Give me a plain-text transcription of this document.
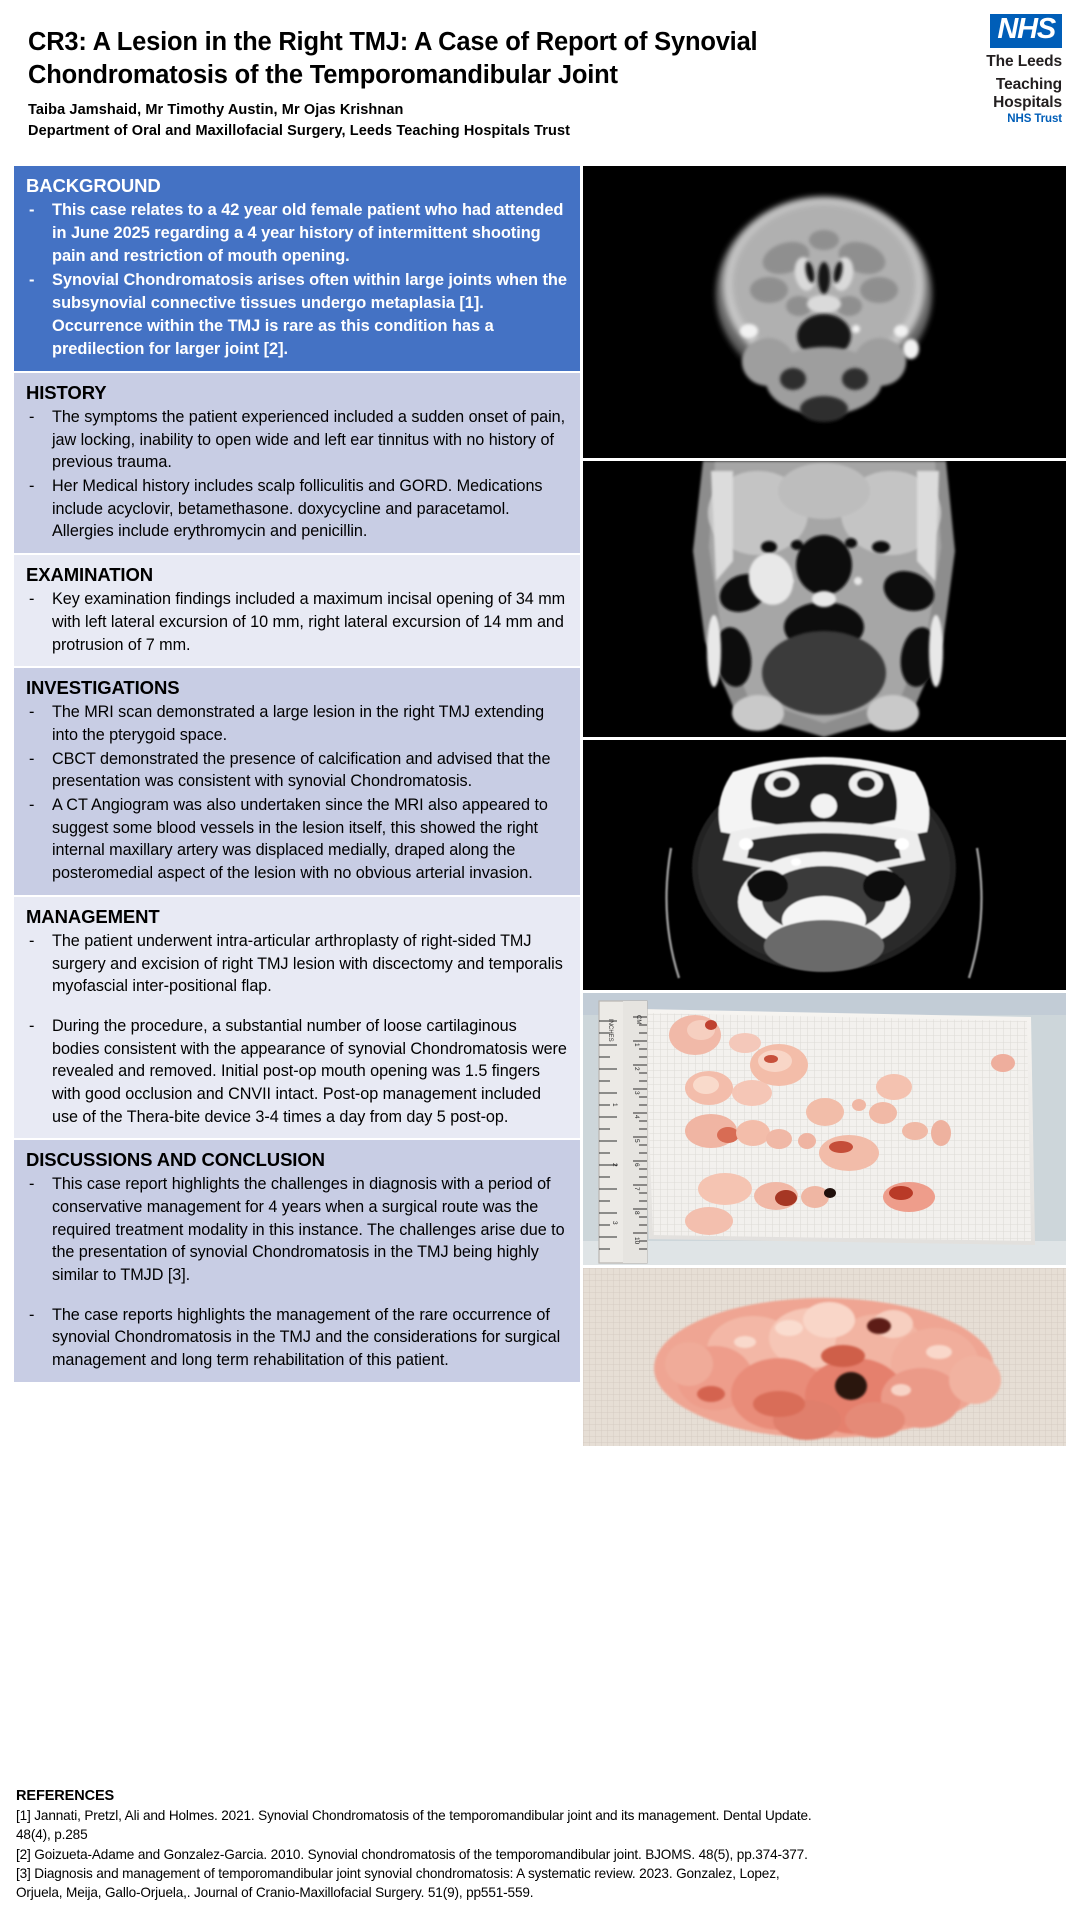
CR3: A Lesion in the Right TMJ: A Case of Report of Synovial Chondromatosis of the Temporomandibular Joint
Taiba Jamshaid, Mr Timothy Austin, Mr Ojas Krishnan
Department of Oral and Maxillofacial Surgery, Leeds Teaching Hospitals Trust
NHS
The Leeds
Teaching Hospitals
NHS Trust
BACKGROUND
- This case relates to a 42 year old female patient who had attended in June 2025 regarding a 4 year history of intermittent shooting pain and restriction of mouth opening.
- Synovial Chondromatosis arises often within large joints when the subsynovial connective tissues undergo metaplasia [1]. Occurrence within the TMJ is rare as this condition has a predilection for larger joint [2].
HISTORY
- The symptoms the patient experienced included a sudden onset of pain, jaw locking, inability to open wide and left ear tinnitus with no history of previous trauma.
- Her Medical history includes scalp folliculitis and GORD. Medications include acyclovir, betamethasone. doxycycline and paracetamol. Allergies include erythromycin and penicillin.
EXAMINATION
- Key examination findings included a maximum incisal opening of 34 mm with left lateral excursion of 10 mm, right lateral excursion of 14 mm and protrusion of 7 mm.
INVESTIGATIONS
- The MRI scan demonstrated a large lesion in the right TMJ extending into the pterygoid space.
- CBCT demonstrated the presence of calcification and advised that the presentation was consistent with synovial Chondromatosis.
- A CT Angiogram was also undertaken since the MRI also appeared to suggest some blood vessels in the lesion itself, this showed the right internal maxillary artery was displaced medially, draped along the posteromedial aspect of the lesion with no obvious arterial invasion.
MANAGEMENT
- The patient underwent intra-articular arthroplasty of right-sided TMJ surgery and excision of right TMJ lesion with discectomy and temporalis myofascial inter-positional flap.
- During the procedure, a substantial number of loose cartilaginous bodies consistent with the appearance of synovial Chondromatosis were revealed and removed. Initial post-op mouth opening was 1.5 fingers with good occlusion and CNVII intact. Post-op management included use of the Thera-bite device 3-4 times a day from day 5 post-op.
DISCUSSIONS AND CONCLUSION
- This case report highlights the challenges in diagnosis with a period of conservative management for 4 years when a surgical route was the required treatment modality in this instance. The challenges arise due to the presentation of synovial Chondromatosis in the TMJ being highly similar to TMJD [3].
- The case reports highlights the management of the rare occurrence of synovial Chondromatosis in the TMJ and the considerations for surgical management and long term rehabilitation of this patient.
INCHES	CM
1
2
3
4
5
6
7
8
10
1
2
3
REFERENCES
[1] Jannati, Pretzl, Ali and Holmes. 2021. Synovial Chondromatosis of the temporomandibular joint and its management. Dental Update.
48(4), p.285
[2] Goizueta-Adame and Gonzalez-Garcia. 2010. Synovial chondromatosis of the temporomandibular joint. BJOMS. 48(5), pp.374-377.
[3] Diagnosis and management of temporomandibular joint synovial chondromatosis: A systematic review. 2023. Gonzalez, Lopez,
Orjuela, Meija, Gallo-Orjuela,. Journal of Cranio-Maxillofacial Surgery. 51(9), pp551-559.
